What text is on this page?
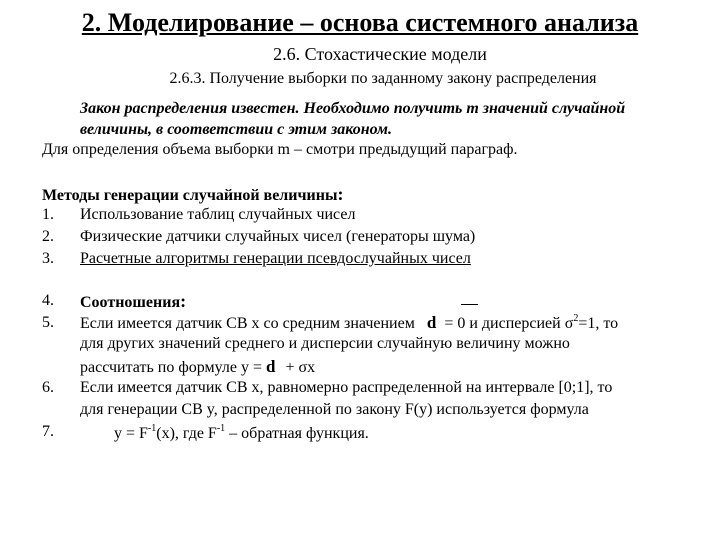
2. Моделирование – основа системного анализа
2.6. Стохастические модели
2.6.3. Получение выборки по заданному закону распределения
Закон распределения известен. Необходимо получить m значений случайной
величины, в соответствии с этим законом.
Для определения объема выборки m – смотри предыдущий параграф.
Методы генерации случайной величины:
1. Использование таблиц случайных чисел
2. Физические датчики случайных чисел (генераторы шума)
3. Расчетные алгоритмы генерации псевдослучайных чисел
4. Соотношения:
5. Если имеется датчик СВ x со средним значением d = 0 и дисперсией $\sigma^2=1$, то
для других значений среднего и дисперсии случайную величину можно
рассчитать по формуле y = d + σx
6. Если имеется датчик СВ x, равномерно распределенной на интервале [0;1], то
для генерации СВ y, распределенной по закону F(y) используется формула
7.	$y = F^{-1}(x)$, где $F^{-1}$ – обратная функция.
